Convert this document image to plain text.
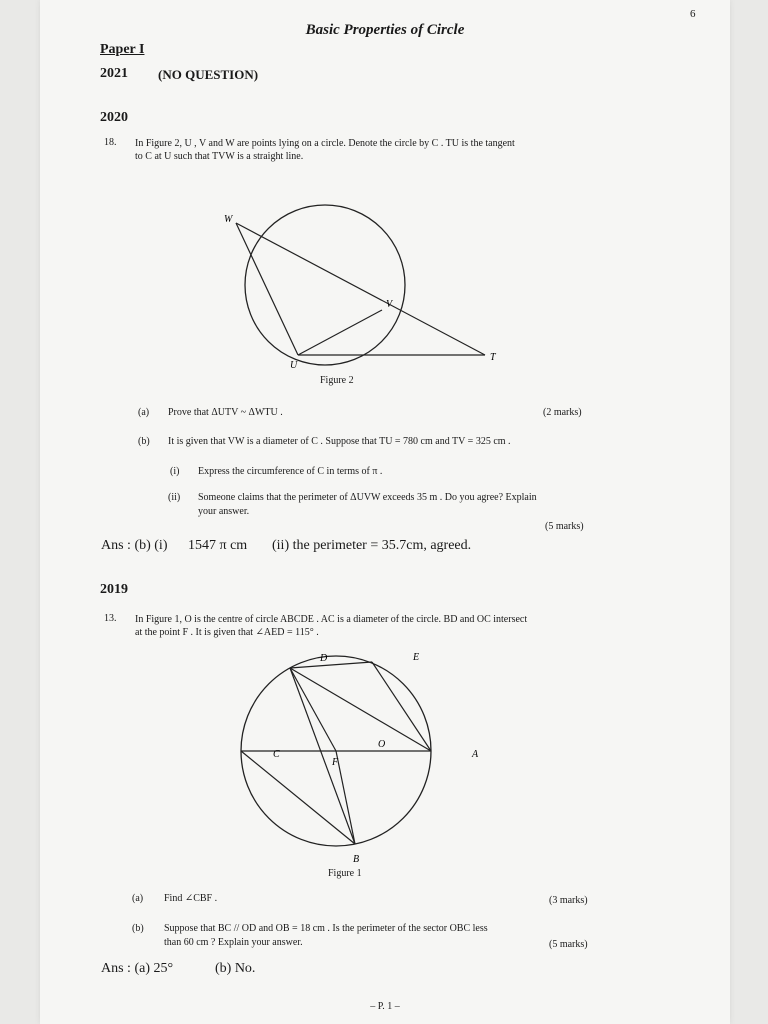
6
Basic Properties of Circle
Paper I
2021 (NO QUESTION)
2020
18. In Figure 2, U , V and W are points lying on a circle. Denote the circle by C . TU is the tangent
to C at U such that TVW is a straight line.
W
V
U
T
Figure 2
(a) Prove that ΔUTV ~ ΔWTU .	(2 marks)
(b) It is given that VW is a diameter of C . Suppose that TU = 780 cm and TV = 325 cm .
(i) Express the circumference of C in terms of π .
(ii) Someone claims that the perimeter of ΔUVW exceeds 35 m . Do you agree? Explain
your answer.
(5 marks)
Ans : (b) (i) 1547 π cm (ii) the perimeter = 35.7cm, agreed.
2019
13. In Figure 1, O is the centre of circle ABCDE . AC is a diameter of the circle. BD and OC intersect
at the point F . It is given that ∠AED = 115° .
D	E
C
O
A
F
B
Figure 1
(a) Find ∠CBF .	(3 marks)
(b) Suppose that BC // OD and OB = 18 cm . Is the perimeter of the sector OBC less
than 60 cm ? Explain your answer.	(5 marks)
Ans : (a) 25°	(b) No.
– P. 1 –
